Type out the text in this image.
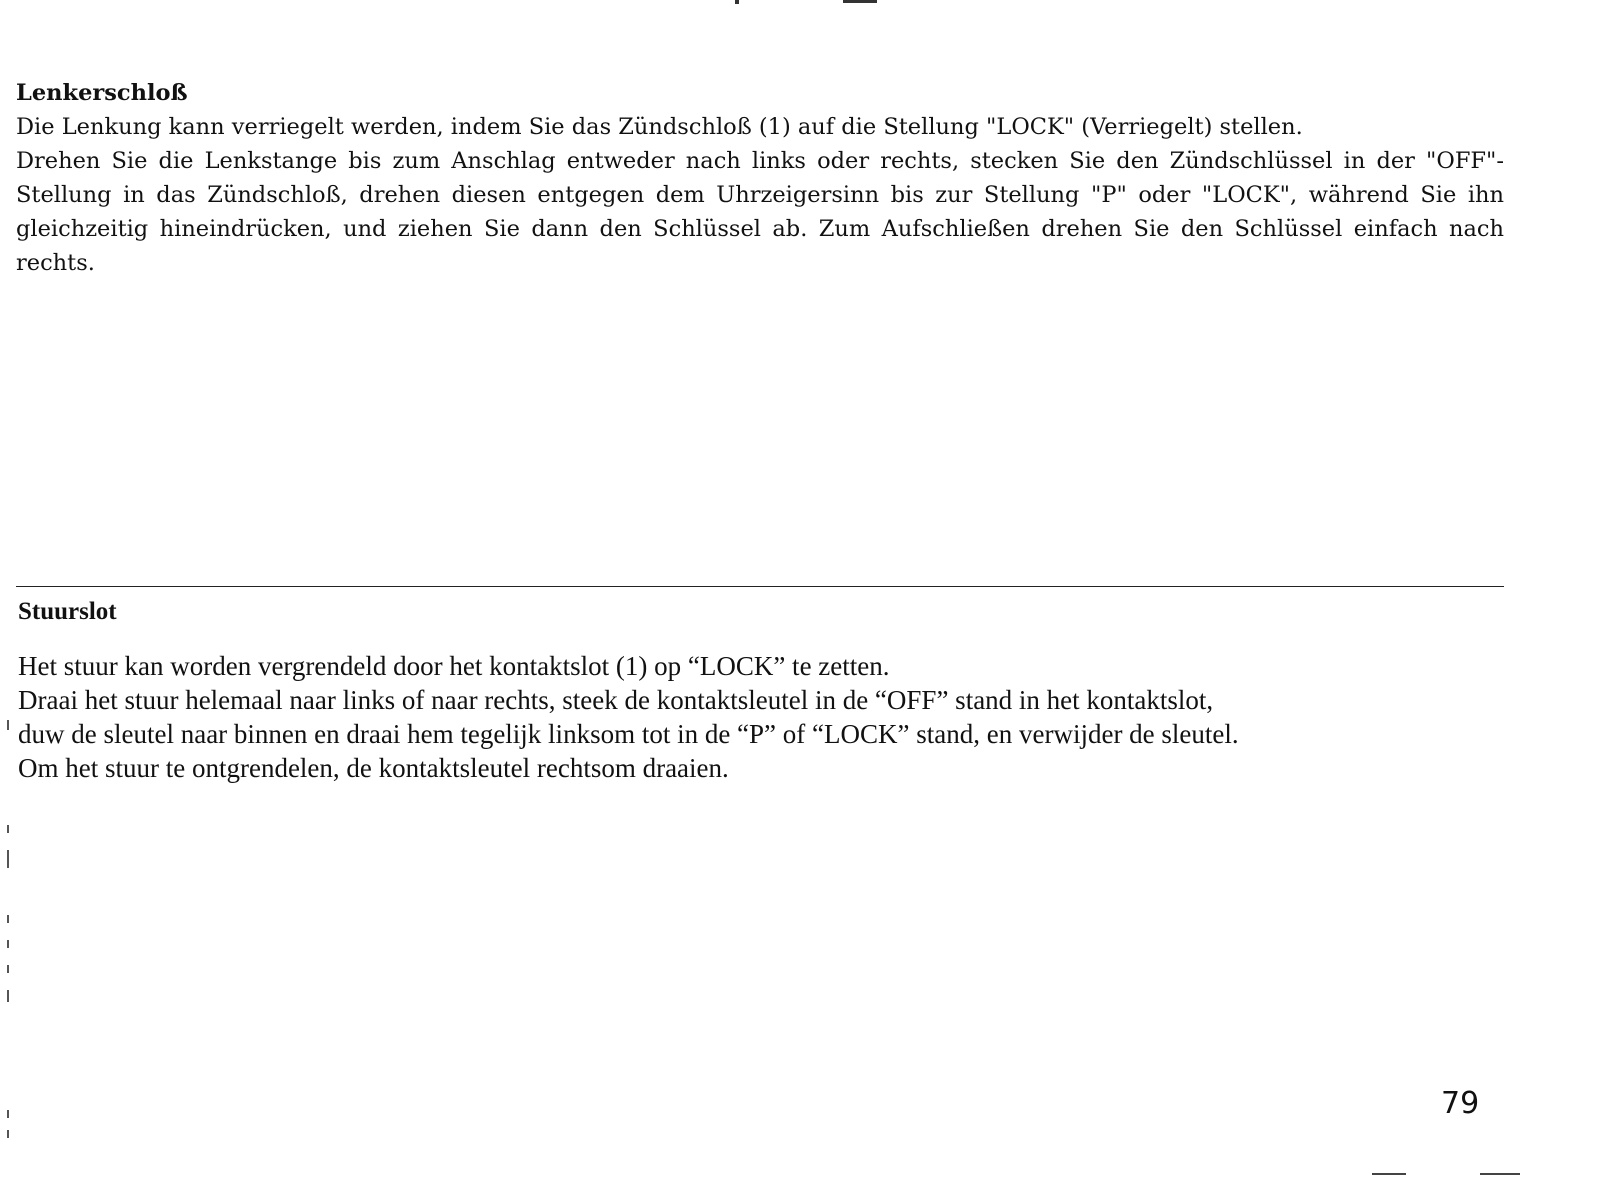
Lenkerschloß

Die Lenkung kann verriegelt werden, indem Sie das Zündschloß (1) auf die Stellung "LOCK" (Verriegelt) stellen.

Drehen Sie die Lenkstange bis zum Anschlag entweder nach links oder rechts, stecken Sie den Zündschlüssel in der "OFF"-Stellung in das Zündschloß, drehen diesen entgegen dem Uhrzeigersinn bis zur Stellung "P" oder "LOCK", während Sie ihn gleichzeitig hineindrücken, und ziehen Sie dann den Schlüssel ab. Zum Aufschließen drehen Sie den Schlüssel einfach nach rechts.

Stuurslot

Het stuur kan worden vergrendeld door het kontaktslot (1) op “LOCK” te zetten.
Draai het stuur helemaal naar links of naar rechts, steek de kontaktsleutel in de “OFF” stand in het kontaktslot,
duw de sleutel naar binnen en draai hem tegelijk linksom tot in de “P” of “LOCK” stand, en verwijder de sleutel.
Om het stuur te ontgrendelen, de kontaktsleutel rechtsom draaien.

79
